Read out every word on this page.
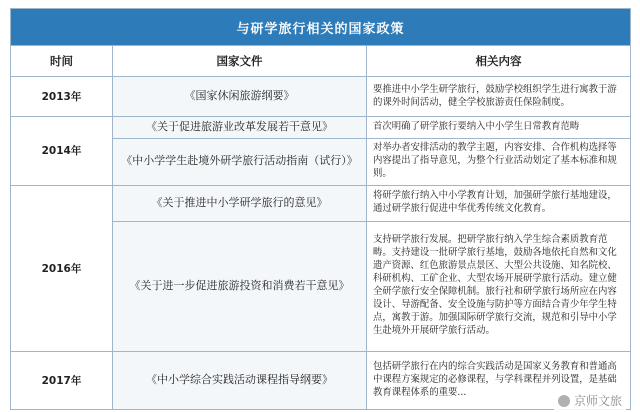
与研学旅行相关的国家政策		
时间	国家文件	相关内容
2013年	《国家休闲旅游纲要》	要推进中小学生研学旅行，鼓励学校组织学生进行寓教于游的课外时间活动，健全学校旅游责任保险制度。
2014年	《关于促进旅游业改革发展若干意见》	首次明确了研学旅行要纳入中小学生日常教育范畴
	《中小学学生赴境外研学旅行活动指南（试行）》	对举办者安排活动的教学主题，内容安排、合作机构选择等内容提出了指导意见，为整个行业活动划定了基本标准和规则。
2016年	《关于推进中小学研学旅行的意见》	将研学旅行纳入中小学教育计划，加强研学旅行基地建设，通过研学旅行促进中华优秀传统文化教育。
	《关于进一步促进旅游投资和消费若干意见》	支持研学旅行发展。把研学旅行纳入学生综合素质教育范畴。支持建设一批研学旅行基地，鼓励各地依托自然和文化遗产资源、红色旅游景点景区、大型公共设施、知名院校、科研机构、工矿企业、大型农场开展研学旅行活动。建立健全研学旅行安全保障机制。旅行社和研学旅行场所应在内容设计、导游配备、安全设施与防护等方面结合青少年学生特点，寓教于游。加强国际研学旅行交流，规范和引导中小学生赴境外开展研学旅行活动。
2017年	《中小学综合实践活动课程指导纲要》	包括研学旅行在内的综合实践活动是国家义务教育和普通高中课程方案规定的必修课程，与学科课程并列设置，是基础教育课程体系的重要...
京师文旅
